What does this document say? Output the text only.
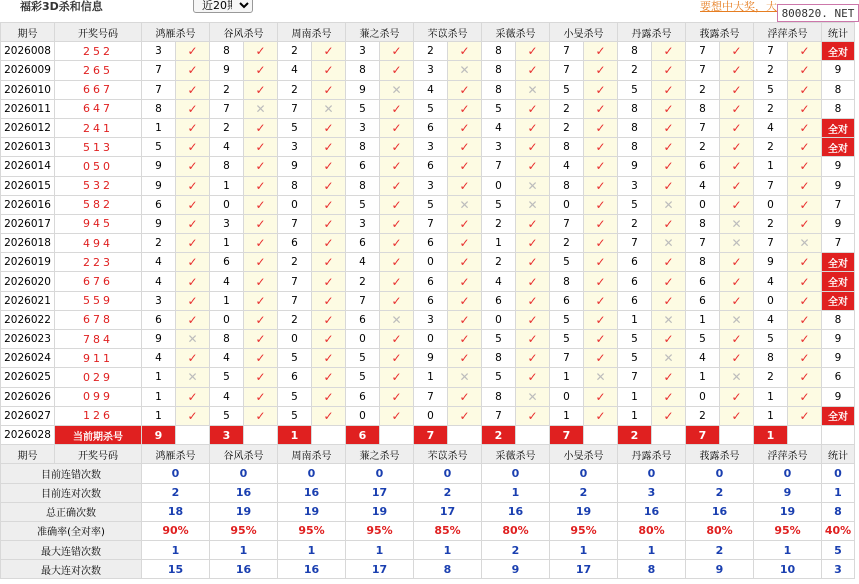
福彩3D杀和信息
近20期	要想中大奖，大
800820. NET
期号	开奖号码	鸿雁杀号		谷风杀号		周南杀号		蒹之杀号		芣苡杀号		采薇杀号		小旻杀号		丹露杀号		莪露杀号		浮萍杀号		统计
2026008	252	3	✓	8	✓	2	✓	3	✓	2	✓	8	✓	7	✓	8	✓	7	✓	7	✓	全对
2026009	265	7	✓	9	✓	4	✓	8	✓	3	✕	8	✓	7	✓	2	✓	7	✓	2	✓	9
2026010	667	7	✓	2	✓	2	✓	9	✕	4	✓	8	✕	5	✓	5	✓	2	✓	5	✓	8
2026011	647	8	✓	7	✕	7	✕	5	✓	5	✓	5	✓	2	✓	8	✓	8	✓	2	✓	8
2026012	241	1	✓	2	✓	5	✓	3	✓	6	✓	4	✓	2	✓	8	✓	7	✓	4	✓	全对
2026013	513	5	✓	4	✓	3	✓	8	✓	3	✓	3	✓	8	✓	8	✓	2	✓	2	✓	全对
2026014	050	9	✓	8	✓	9	✓	6	✓	6	✓	7	✓	4	✓	9	✓	6	✓	1	✓	9
2026015	532	9	✓	1	✓	8	✓	8	✓	3	✓	0	✕	8	✓	3	✓	4	✓	7	✓	9
2026016	582	6	✓	0	✓	0	✓	5	✓	5	✕	5	✕	0	✓	5	✕	0	✓	0	✓	7
2026017	945	9	✓	3	✓	7	✓	3	✓	7	✓	2	✓	7	✓	2	✓	8	✕	2	✓	9
2026018	494	2	✓	1	✓	6	✓	6	✓	6	✓	1	✓	2	✓	7	✕	7	✕	7	✕	7
2026019	223	4	✓	6	✓	2	✓	4	✓	0	✓	2	✓	5	✓	6	✓	8	✓	9	✓	全对
2026020	676	4	✓	4	✓	7	✓	2	✓	6	✓	4	✓	8	✓	6	✓	6	✓	4	✓	全对
2026021	559	3	✓	1	✓	7	✓	7	✓	6	✓	6	✓	6	✓	6	✓	6	✓	0	✓	全对
2026022	678	6	✓	0	✓	2	✓	6	✕	3	✓	0	✓	5	✓	1	✕	1	✕	4	✓	8
2026023	784	9	✕	8	✓	0	✓	0	✓	0	✓	5	✓	5	✓	5	✓	5	✓	5	✓	9
2026024	911	4	✓	4	✓	5	✓	5	✓	9	✓	8	✓	7	✓	5	✕	4	✓	8	✓	9
2026025	029	1	✕	5	✓	6	✓	5	✓	1	✕	5	✓	1	✕	7	✓	1	✕	2	✓	6
2026026	099	1	✓	4	✓	5	✓	6	✓	7	✓	8	✕	0	✓	1	✓	0	✓	1	✓	9
2026027	126	1	✓	5	✓	5	✓	0	✓	0	✓	7	✓	1	✓	1	✓	2	✓	1	✓	全对
2026028	当前期杀号	9		3		1		6		7		2		7		2		7		1		
期号	开奖号码	鸿雁杀号		谷风杀号		周南杀号		蒹之杀号		芣苡杀号		采薇杀号		小旻杀号		丹露杀号		莪露杀号		浮萍杀号		统计
目前连错次数		0		0		0		0		0		0		0		0		0		0		0
目前连对次数		2		16		16		17		2		1		2		3		2		9		1
总正确次数		18		19		19		19		17		16		19		16		16		19		8
准确率(全对率)		90%		95%		95%		95%		85%		80%		95%		80%		80%		95%		40%
最大连错次数		1		1		1		1		1		2		1		1		2		1		5
最大连对次数		15		16		16		17		8		9		17		8		9		10		3
